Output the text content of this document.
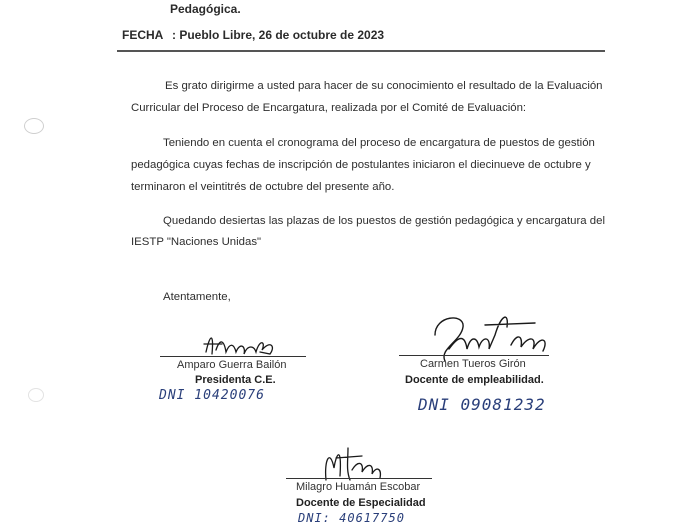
Pedagógica.
FECHA : Pueblo Libre, 26 de octubre de 2023
Es grato dirigirme a usted para hacer de su conocimiento el resultado de la Evaluación
Curricular del Proceso de Encargatura, realizada por el Comité de Evaluación:
Teniendo en cuenta el cronograma del proceso de encargatura de puestos de gestión
pedagógica cuyas fechas de inscripción de postulantes iniciaron el diecinueve de octubre y
terminaron el veintitrés de octubre del presente año.
Quedando desiertas las plazas de los puestos de gestión pedagógica y encargatura del
IESTP "Naciones Unidas"
Atentamente,
Amparo Guerra Bailón
Presidenta C.E.
DNI 10420076
Carmen Tueros Girón
Docente de empleabilidad.
DNI 09081232
Milagro Huamán Escobar
Docente de Especialidad
DNI: 40617750
